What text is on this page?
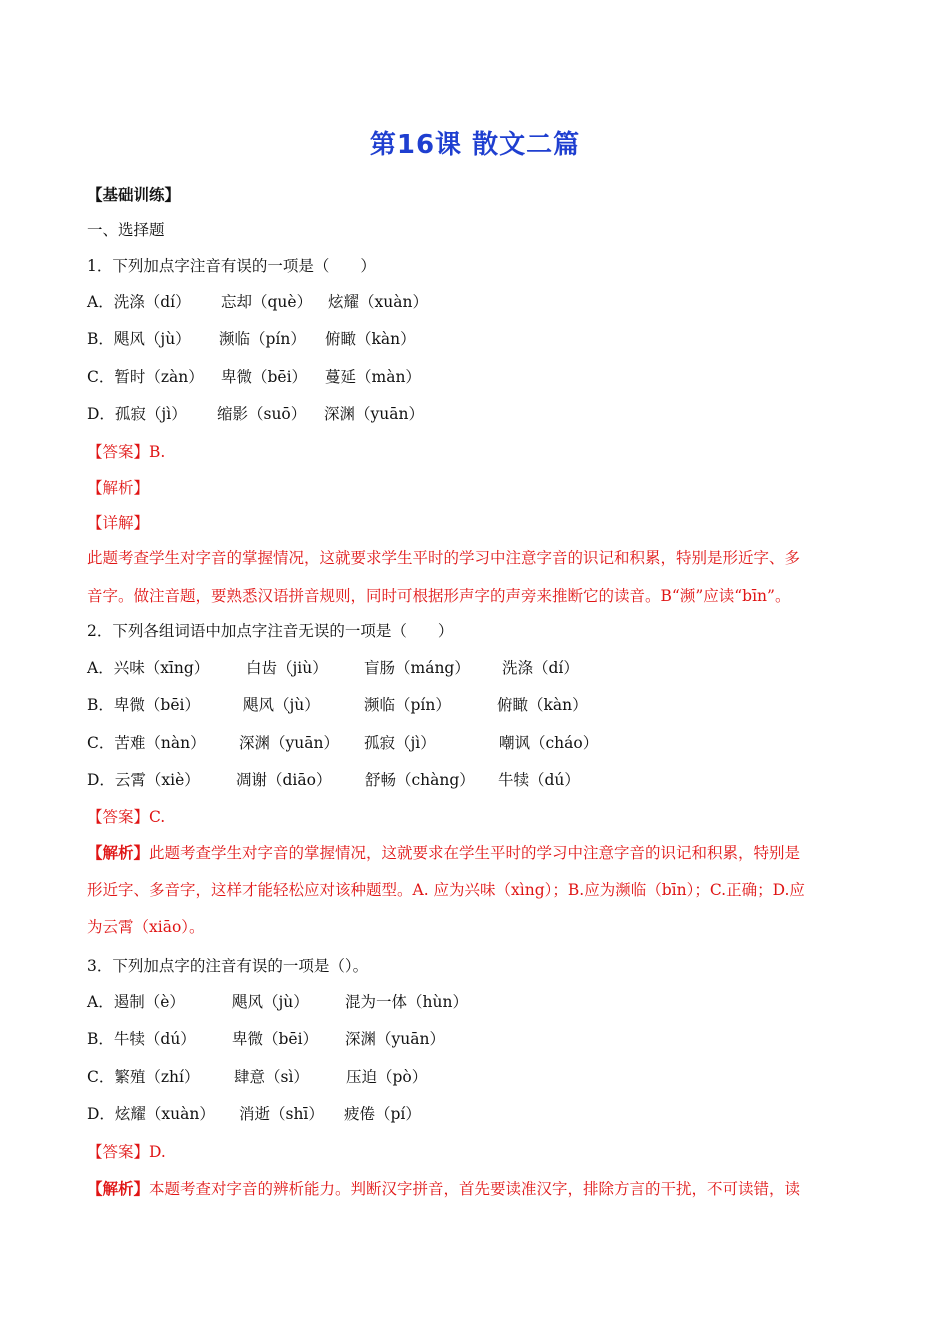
第16课 散文二篇
【基础训练】
一、选择题
1．下列加点字注音有误的一项是（　　）
A．洗涤（dí） 忘却（què） 炫耀（xuàn）
B．飓风（jù） 濒临（pín） 俯瞰（kàn）
C．暂时（zàn） 卑微（bēi） 蔓延（màn）
D．孤寂（jì） 缩影（suō） 深渊（yuān）
【答案】B.
【解析】
【详解】
此题考查学生对字音的掌握情况，这就要求学生平时的学习中注意字音的识记和积累，特别是形近字、多
音字。做注音题，要熟悉汉语拼音规则，同时可根据形声字的声旁来推断它的读音。B“濒”应读“bīn”。
2．下列各组词语中加点字注音无误的一项是（　　）
A．兴味（xīng） 白齿（jiù） 盲肠（máng） 洗涤（dí）
B．卑微（bēi）	飓风（jù）	濒临（pín）	俯瞰（kàn）
C．苦难（nàn） 深渊（yuān） 孤寂（jì）	嘲讽（cháo）
D．云霄（xiè） 凋谢（diāo） 舒畅（chàng） 牛犊（dú）
【答案】C.
【解析】此题考查学生对字音的掌握情况，这就要求在学生平时的学习中注意字音的识记和积累，特别是
形近字、多音字，这样才能轻松应对该种题型。A. 应为兴味（xìng）；B.应为濒临（bīn）；C.正确；D.应
为云霄（xiāo）。
3．下列加点字的注音有误的一项是（）。
A．遏制（è）	飓风（jù） 混为一体（hùn）
B．牛犊（dú） 卑微（bēi） 深渊（yuān）
C．繁殖（zhí） 肆意（sì） 压迫（pò）
D．炫耀（xuàn） 消逝（shī） 疲倦（pí）
【答案】D.
【解析】本题考查对字音的辨析能力。判断汉字拼音，首先要读准汉字，排除方言的干扰，不可读错，读
